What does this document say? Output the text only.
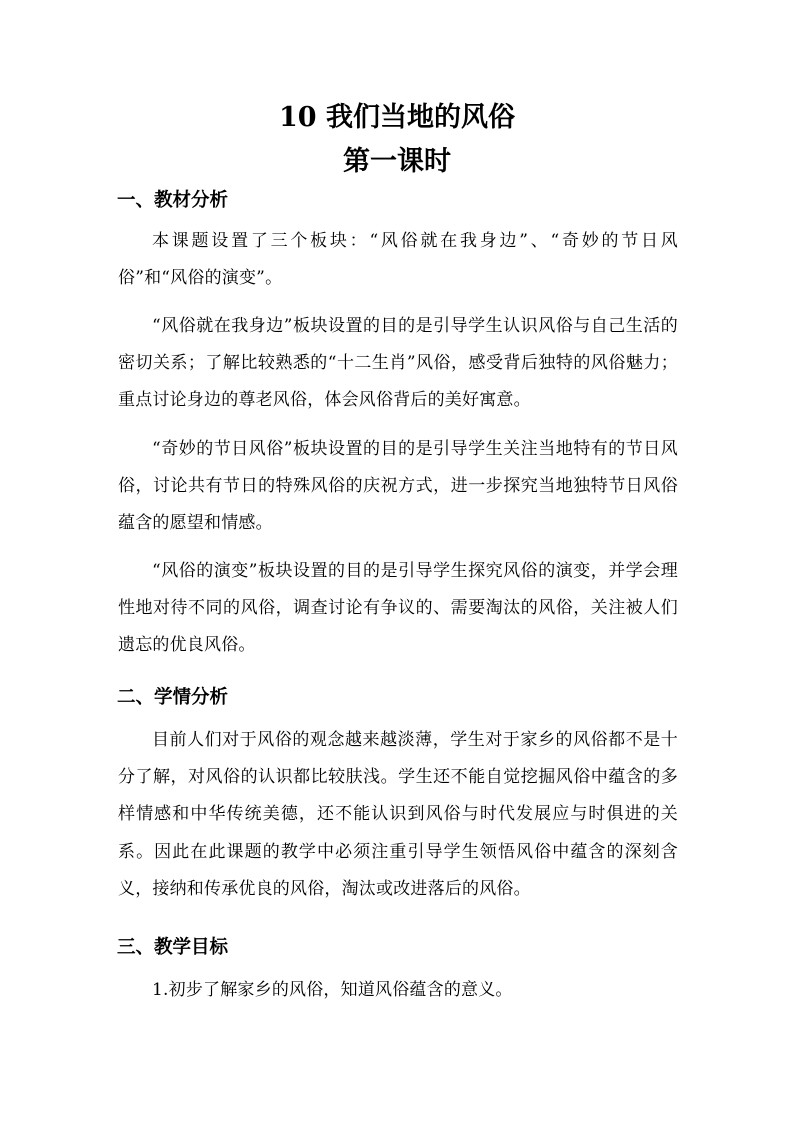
10 我们当地的风俗
第一课时
一、教材分析

本课题设置了三个板块：“风俗就在我身边”、“奇妙的节日风俗”和“风俗的演变”。

“风俗就在我身边”板块设置的目的是引导学生认识风俗与自己生活的密切关系；了解比较熟悉的“十二生肖”风俗，感受背后独特的风俗魅力；重点讨论身边的尊老风俗，体会风俗背后的美好寓意。

“奇妙的节日风俗”板块设置的目的是引导学生关注当地特有的节日风俗，讨论共有节日的特殊风俗的庆祝方式，进一步探究当地独特节日风俗蕴含的愿望和情感。

“风俗的演变”板块设置的目的是引导学生探究风俗的演变，并学会理性地对待不同的风俗，调查讨论有争议的、需要淘汰的风俗，关注被人们遗忘的优良风俗。

二、学情分析

目前人们对于风俗的观念越来越淡薄，学生对于家乡的风俗都不是十分了解，对风俗的认识都比较肤浅。学生还不能自觉挖掘风俗中蕴含的多样情感和中华传统美德，还不能认识到风俗与时代发展应与时俱进的关系。因此在此课题的教学中必须注重引导学生领悟风俗中蕴含的深刻含义，接纳和传承优良的风俗，淘汰或改进落后的风俗。

三、教学目标

1.初步了解家乡的风俗，知道风俗蕴含的意义。
